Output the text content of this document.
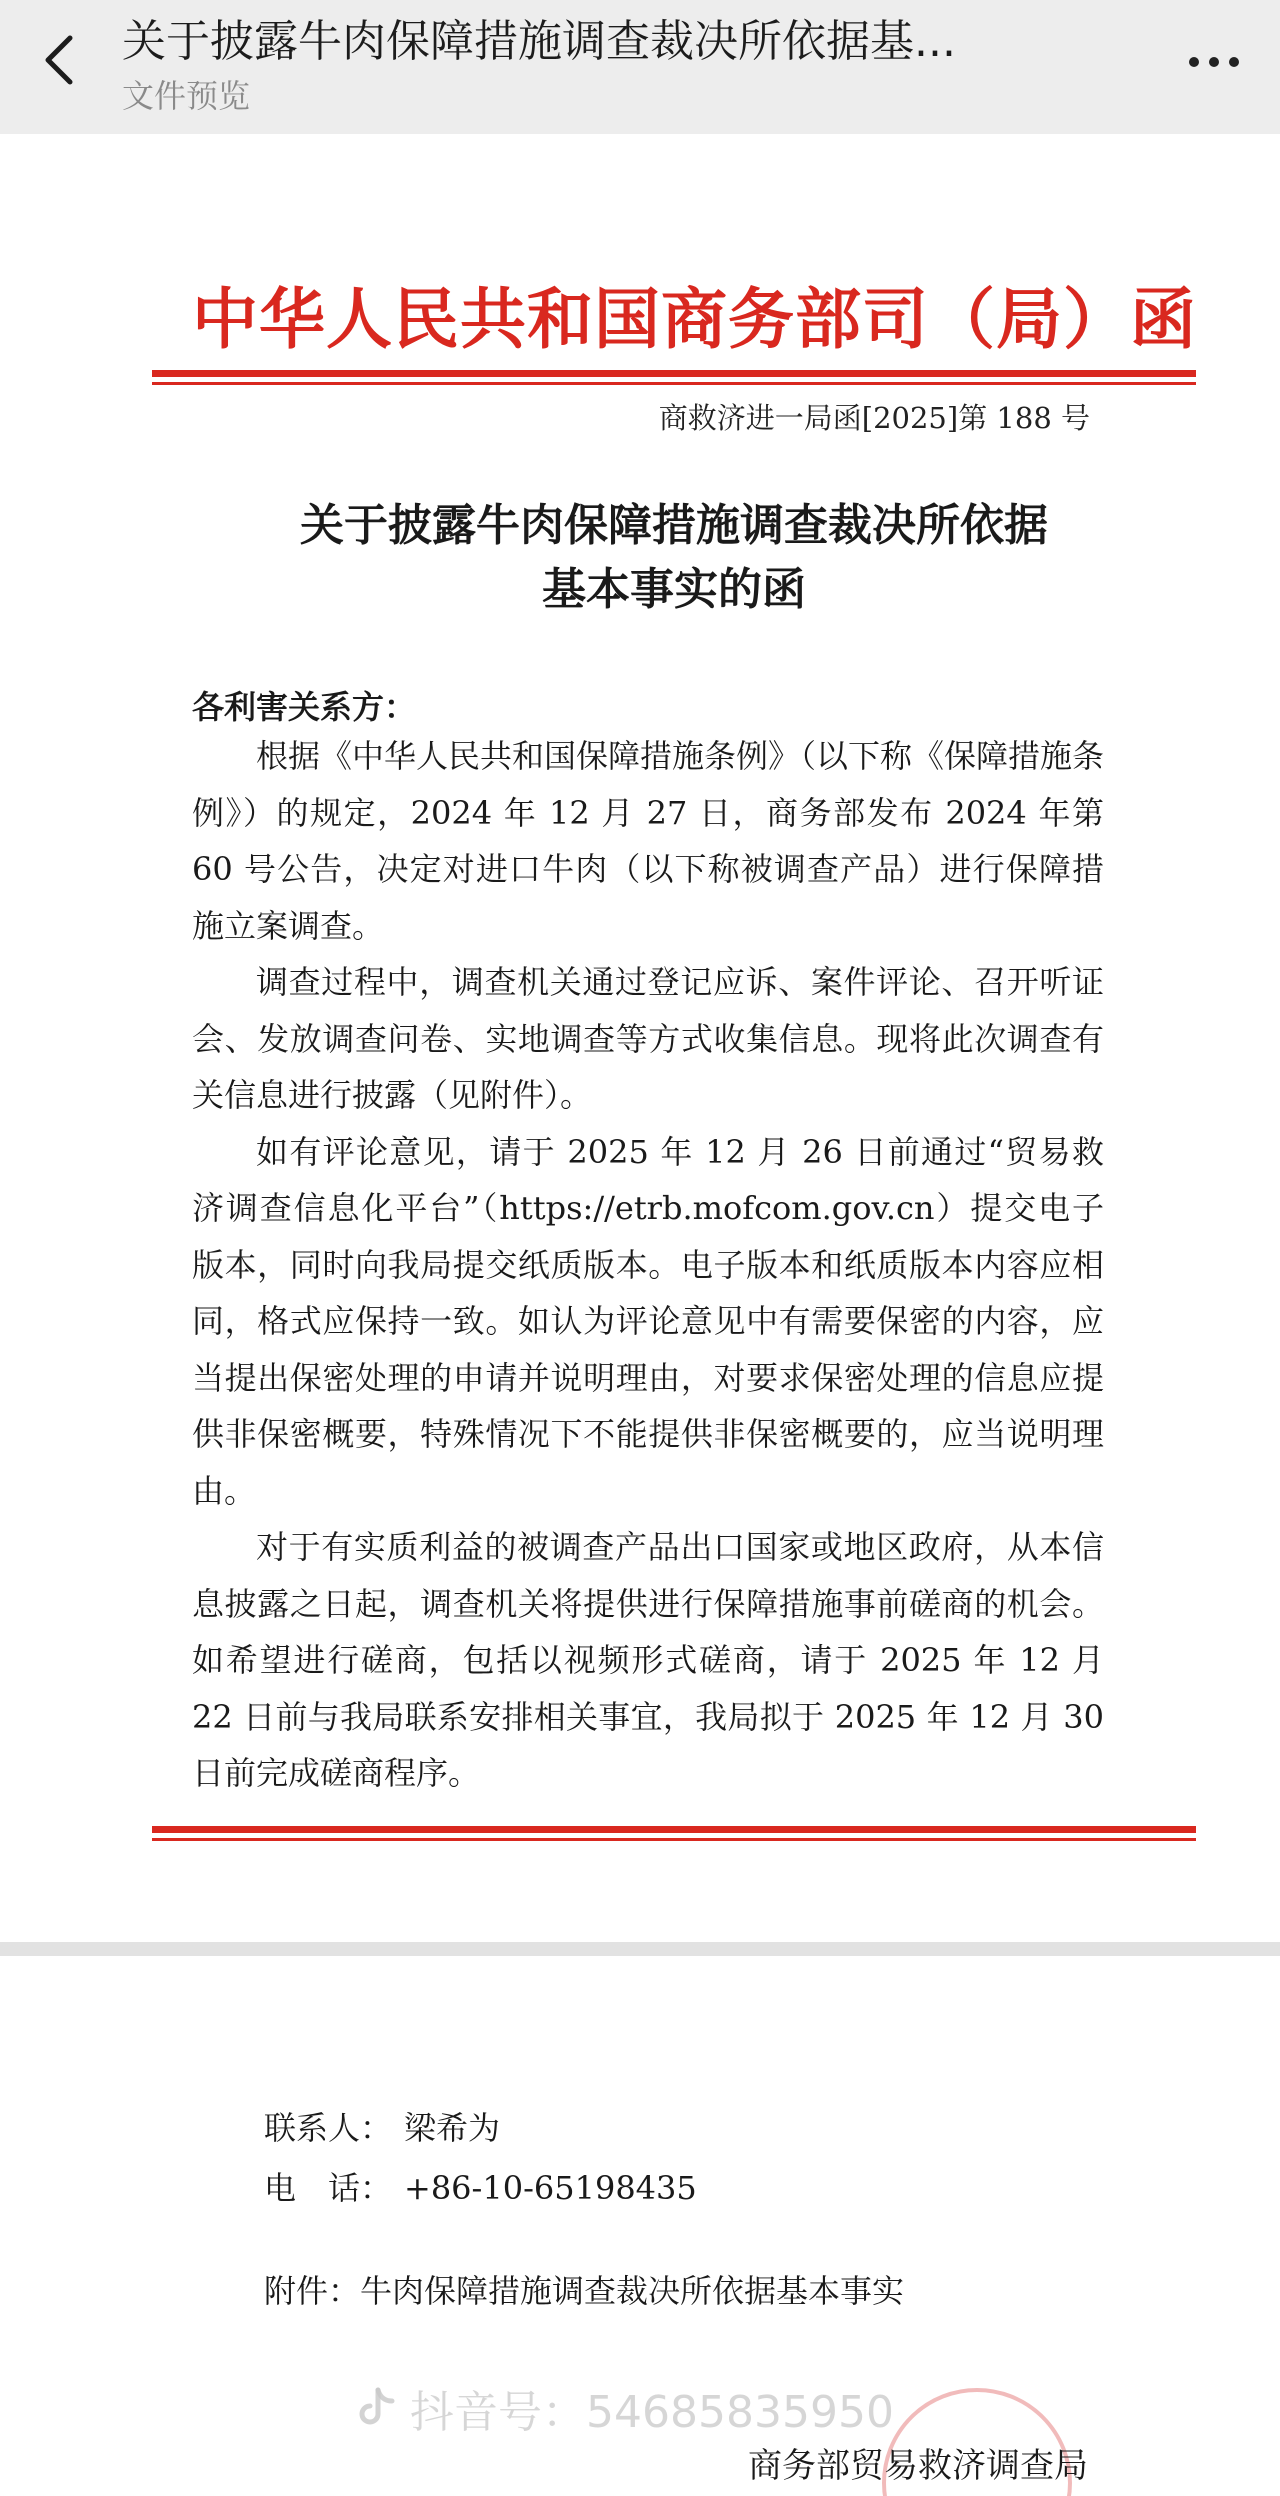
关于披露牛肉保障措施调查裁决所依据基...
文件预览
中华人民共和国商务部司（局）函
商救济进一局函[2025]第 188 号
关于披露牛肉保障措施调查裁决所依据
基本事实的函
各利害关系方：

根据《中华人民共和国保障措施条例》（以下称《保障措施条例》）的规定，2024 年 12 月 27 日，商务部发布 2024 年第 60 号公告，决定对进口牛肉（以下称被调查产品）进行保障措施立案调查。

调查过程中，调查机关通过登记应诉、案件评论、召开听证会、发放调查问卷、实地调查等方式收集信息。现将此次调查有关信息进行披露（见附件）。

如有评论意见，请于 2025 年 12 月 26 日前通过“贸易救济调查信息化平台”（https://etrb.mofcom.gov.cn）提交电子版本，同时向我局提交纸质版本。电子版本和纸质版本内容应相同，格式应保持一致。如认为评论意见中有需要保密的内容，应当提出保密处理的申请并说明理由，对要求保密处理的信息应提供非保密概要，特殊情况下不能提供非保密概要的，应当说明理由。

对于有实质利益的被调查产品出口国家或地区政府，从本信息披露之日起，调查机关将提供进行保障措施事前磋商的机会。如希望进行磋商，包括以视频形式磋商，请于 2025 年 12 月 22 日前与我局联系安排相关事宜，我局拟于 2025 年 12 月 30 日前完成磋商程序。

联系人： 梁希为
电　话： +86-10-65198435
附件：牛肉保障措施调查裁决所依据基本事实
抖音号：54685835950
商务部贸易救济调查局
